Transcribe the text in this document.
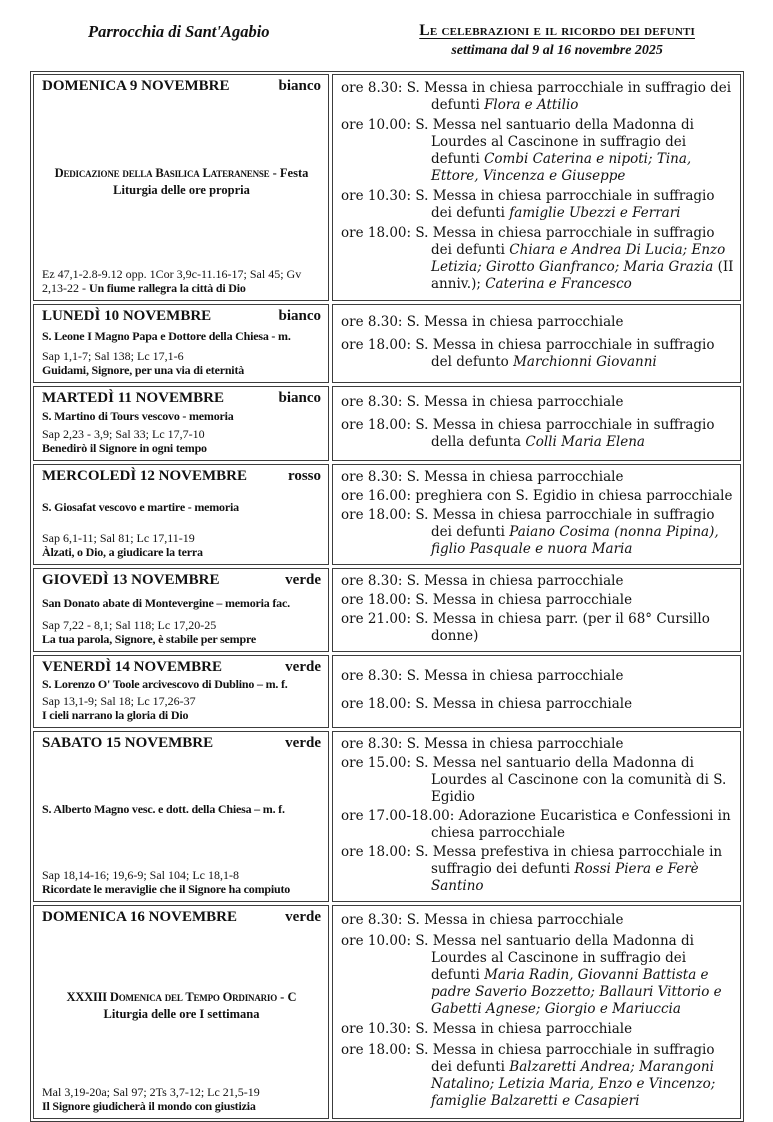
Parrocchia di Sant'Agabio	Le celebrazioni e il ricordo dei defunti
settimana dal 9 al 16 novembre 2025
DOMENICA 9 NOVEMBRE	bianco
Dedicazione della Basilica Lateranense - Festa
Liturgia delle ore propria
Ez 47,1-2.8-9.12 opp. 1Cor 3,9c-11.16-17; Sal 45; Gv 2,13-22 - Un fiume rallegra la città di Dio
ore 8.30: S. Messa in chiesa parrocchiale in suffragio dei defunti Flora e Attilio
ore 10.00: S. Messa nel santuario della Madonna di Lourdes al Cascinone in suffragio dei defunti Combi Caterina e nipoti; Tina, Ettore, Vincenza e Giuseppe
ore 10.30: S. Messa in chiesa parrocchiale in suffragio dei defunti famiglie Ubezzi e Ferrari
ore 18.00: S. Messa in chiesa parrocchiale in suffragio dei defunti Chiara e Andrea Di Lucia; Enzo Letizia; Girotto Gianfranco; Maria Grazia (II anniv.); Caterina e Francesco
LUNEDÌ 10 NOVEMBRE	bianco
S. Leone I Magno Papa e Dottore della Chiesa - m.
Sap 1,1-7; Sal 138; Lc 17,1-6
Guidami, Signore, per una via di eternità
ore 8.30: S. Messa in chiesa parrocchiale
ore 18.00: S. Messa in chiesa parrocchiale in suffragio del defunto Marchionni Giovanni
MARTEDÌ 11 NOVEMBRE	bianco
S. Martino di Tours vescovo - memoria
Sap 2,23 - 3,9; Sal 33; Lc 17,7-10
Benedirò il Signore in ogni tempo
ore 8.30: S. Messa in chiesa parrocchiale
ore 18.00: S. Messa in chiesa parrocchiale in suffragio della defunta Colli Maria Elena
MERCOLEDÌ 12 NOVEMBRE	rosso
S. Giosafat vescovo e martire - memoria
Sap 6,1-11; Sal 81; Lc 17,11-19
Àlzati, o Dio, a giudicare la terra
ore 8.30: S. Messa in chiesa parrocchiale
ore 16.00: preghiera con S. Egidio in chiesa parrocchiale
ore 18.00: S. Messa in chiesa parrocchiale in suffragio dei defunti Paiano Cosima (nonna Pipina), figlio Pasquale e nuora Maria
GIOVEDÌ 13 NOVEMBRE	verde
San Donato abate di Montevergine – memoria fac.
Sap 7,22 - 8,1; Sal 118; Lc 17,20-25
La tua parola, Signore, è stabile per sempre
ore 8.30: S. Messa in chiesa parrocchiale
ore 18.00: S. Messa in chiesa parrocchiale
ore 21.00: S. Messa in chiesa parr. (per il 68° Cursillo donne)
VENERDÌ 14 NOVEMBRE	verde
S. Lorenzo O' Toole arcivescovo di Dublino – m. f.
Sap 13,1-9; Sal 18; Lc 17,26-37
I cieli narrano la gloria di Dio
ore 8.30: S. Messa in chiesa parrocchiale
ore 18.00: S. Messa in chiesa parrocchiale
SABATO 15 NOVEMBRE	verde
S. Alberto Magno vesc. e dott. della Chiesa – m. f.
Sap 18,14-16; 19,6-9; Sal 104; Lc 18,1-8
Ricordate le meraviglie che il Signore ha compiuto
ore 8.30: S. Messa in chiesa parrocchiale
ore 15.00: S. Messa nel santuario della Madonna di Lourdes al Cascinone con la comunità di S. Egidio
ore 17.00-18.00: Adorazione Eucaristica e Confessioni in chiesa parrocchiale
ore 18.00: S. Messa prefestiva in chiesa parrocchiale in suffragio dei defunti Rossi Piera e Ferè Santino
DOMENICA 16 NOVEMBRE	verde
XXXIII Domenica del Tempo Ordinario - C
Liturgia delle ore I settimana
Mal 3,19-20a; Sal 97; 2Ts 3,7-12; Lc 21,5-19
Il Signore giudicherà il mondo con giustizia
ore 8.30: S. Messa in chiesa parrocchiale
ore 10.00: S. Messa nel santuario della Madonna di Lourdes al Cascinone in suffragio dei defunti Maria Radin, Giovanni Battista e padre Saverio Bozzetto; Ballauri Vittorio e Gabetti Agnese; Giorgio e Mariuccia
ore 10.30: S. Messa in chiesa parrocchiale
ore 18.00: S. Messa in chiesa parrocchiale in suffragio dei defunti Balzaretti Andrea; Marangoni Natalino; Letizia Maria, Enzo e Vincenzo; famiglie Balzaretti e Casapieri
